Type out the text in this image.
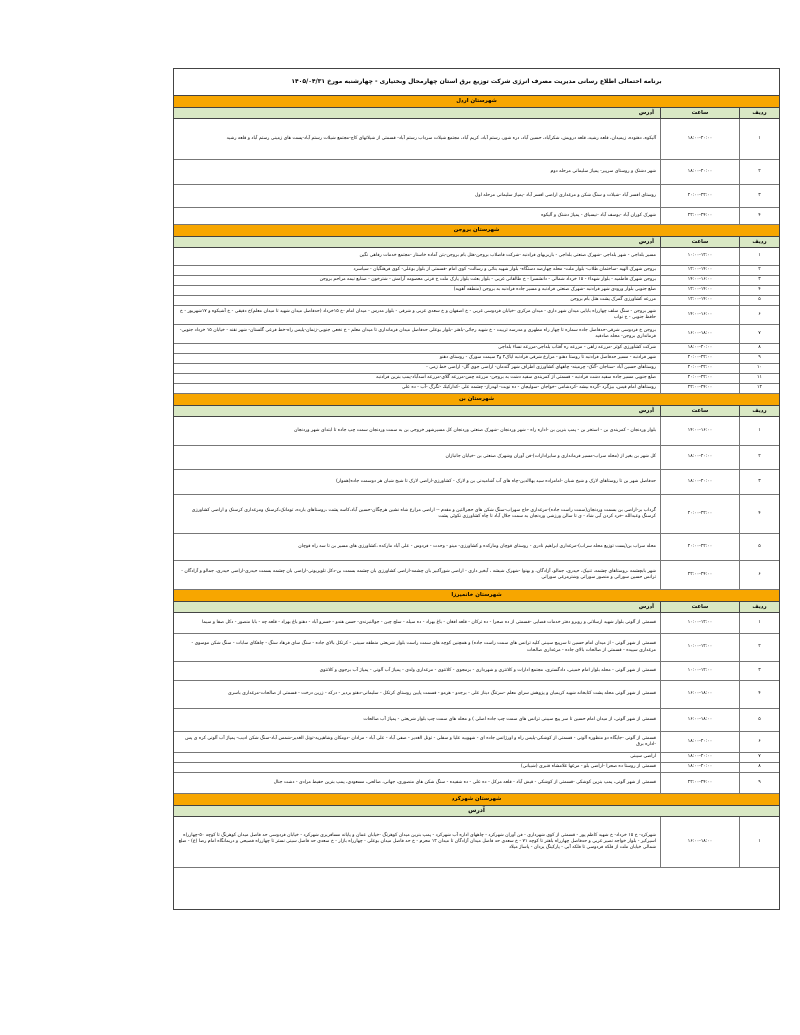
برنامه احتمالی اطلاع رسانی مدیریت مصرف انرژی شرکت توزیع برق استان چهارمحال وبختیاری - چهارشنبه مورخ ۱۴۰۵/۰۴/۳۱
شهرستان اردل
ردیف
ساعت
آدرس
۱
۱۸:۰۰-۲۰:۰۰
آلیکوه، دهنوده، زیمیدان، قلعه رشید، قلعه درویش، شکرآباد، حسین آباد، دره شور، رستم آباد، کریم آباد، مجتمع شیلات سرداب رستم آباد- قسمتی از شیلاتهای کاج-مجتمع شیلات رستم آباد-پست های زمینی رستم آباد و قلعه رشید
۲
۱۸:۰۰-۲۰:۰۰
شهر دشتک و روستای سرپیر- پمپاژ سلیمانی مرحله دوم
۳
۲۰:۰۰-۲۲:۰۰
روستای افسر آباد -شیلات و سنگ شکن و مرغداری اراضی افسر آباد -پمپاژ سلیمانی مرحله اول
۴
۲۲:۰۰-۲۴:۰۰
شهرک کوران آباد -یوسف آباد -نیسیاق - پمپاژ دشتک و آلیکوه
شهرستان بروجن
ردیف
ساعت
آدرس
۱
۱۰:۰۰-۱۲:۰۰
مسیر بلداجی - شهر بلداجی -شهرک صنعتی بلداجی - باربریهای فرادنبه -شرکت فاضلاب بروجن-هتل بام بروجن-بتن آماده خاستار -مجتمع خدمات رفاهی نگین
۲
۱۲:۰۰-۱۴:۰۰
بروجن شهرک الهیه -ساختمان طلاب- بلوار ملت- محله چهارصد دستگاه- بلوار شهید بنائی و رسالت- کوی امام -قسمتی از بلوار بوعلی- کوی فرهنگیان - سیاسرد
۳
۱۴:۰۰-۱۶:۰۰
بروجن شهرک فاطمیه - بلوار شهداء - ۱۵ خرداد شمالی - دانشسرا - خ طالقانی غربی - بلوار بعثت بلوار پارک ملت خ قرنی معصومه آرامش - شترخون - صنایع نیمه مراحم بروجن
۴
۱۲:۰۰-۱۴:۰۰
ضلع جنوبی بلوار ورودی شهر فرادنبه -شهرک صنعتی فرادنبه و مسیر جاده فرادنبه به بروجن (منطقه آهویه)
۵
۱۲:۰۰-۱۴:۰۰
مزرعه کشاورزی گمرک پشت هتل بام بروجن
۶
۱۴:۰۰-۱۶:۰۰
شهر بروجن - سنگ سلف چهارراه بابایی میدان شهر داری - میدان مرکزی -خیابان فردوسی غربی - خ اصفهان و خ سعدی غربی و شرقی - بلوار مدرس - میدان امام -خ ۱۵خرداد (حدفاصل میدان شهید تا میدان معلم)خ دقیقی - خ آشیکوه و ۱۷شهریور - خ حافظ جنوبی - خ نواب
۷
۱۶:۰۰-۱۸:۰۰
بروجن خ فردوسی شرقی-حدفاصل جاده سماره تا چهار راه مطهری و مدرسه تربیت - خ شهید رجائی-باهنر -بلوار بوعلی حدفاصل میدان فرمانداری تا میدان معلم - خ نخعی جنوبی-زنمان-پلیس راه-خط فرعی گلستان- شهر نقنه - خیابان ۱۵ خرداد جنوبی- فرمانداری بروجن- محله صادقیه
۸
۱۸:۰۰-۲۰:۰۰
شرکت کشاورزی کوثر -مزرعه زاهی - مزرعه ره آفتاب بلداجی-مزرعه نساء بلداجی
۹
۲۰:۰۰-۲۲:۰۰
شهر فرادنبه - مسیر حدفاصل فرادنبه تا روستا دهنو - مزارع شرقی فرادنبه ایاک۲ و۳ سیمت سورک - روستای دهنو
۱۰
۲۰:۰۰-۲۲:۰۰
روستاهای حسین آباد -سناجان -گنک- چرمینه- چاههای کشاورزی اطراف شهر گندمان- اراضی جوی گل- اراضی خط زمی -
۱۱
۲۰:۰۰-۲۲:۰۰
ضلع جنوبی مسیر جاده سفید دشت فرادنبه - قسمتی از کمربندی سفید دشت به بروجن- مزرعه چمن-مزرعه گلای-مزرعه اسدآباد-پمپ بنزین فرادنبه
۱۲
۲۲:۰۰-۲۴:۰۰
روستاهای امام قیس، بیژگرد -گرده بیشه -کردشامی -خواجان -سولیجان - ده نوبت- لهدراز- چشمه علی -کداركيك -تگرگ -آب - ده علی
شهرستان بن
ردیف
ساعت
آدرس
۱
۱۴:۰۰-۱۶:۰۰
بلوار وردنجان - کمربندی بن - استخر بن - پمپ بنزین بن -اداره راه - شهر وردنجان -شهرک صنعتی وردنجان کل مسیرشهر خروجی بن به سمت وردنجان سمت چپ جاده تا ابتدای شهر وردنجان
۲
۱۸:۰۰-۲۰:۰۰
کل شهر بن بغیر از (محله سراب-مسیر فرمانداری و سایرادارات)-فن آوران وشهرک صنعتی بن -خیابان جانبازان
۳
۱۸:۰۰-۲۰:۰۰
حدفاصل شهر بن تا روستاهای لارک و شیخ شبان -امامزاده سید بهاالدین-چاه های آب آشامیدنی بن و لارک - کشاورزی-اراضی لارک تا شیخ شبان هر دوسمت جاده(هموار)
۴
۲۰:۰۰-۲۲:۰۰
گرداب بر-اراضی بن بسمت وردنجان(سمت راست جاده)-مرغداری حاج سهراب-سنگ شکن های حجرالثین و مقدم -- اراضی مزارع شاه نشین هرچگان-حسین آباد،کاسه پشت ،روستاهای بارده، تومانک،کرسنک ومرغداری کرسنک و اراضی کشاورزی کرسنگ وعبدالله -خرد کردن آبی شاد - ی تا سالن ورزشی وردنجان به سمت جلال آباد تا چاه کشاورزی نکوئی پشت
۵
۲۰:۰۰-۲۲:۰۰
محله سراب بن(پست توزیع محله سراب)-مرغداری ابراهیم نادری - روستای قوچان ومارکده و کشاورزی- مینو - وحدت - فردوس - علی آباد مارکده ،کشاورزی های مسیر بن تا سه راه قوچان
۶
۲۲:۰۰-۲۴:۰۰
شهر بابچشمه ،روستاهای چشمه، تنبیک، حیدری، جمالو، آزادگان، و بهنوا -شهرک شیشه ، آبخیز داری - اراضی شورآکبیر بان چشمه-اراضی کشاورزی بان چشمه بسمت بن-دکل تلویزیونی-اراضی بان چشمه بسمت حیدری-اراضی حیدری، جمالو و آزادگان - ترانس حسین سوراتی و منصور سوراتی وشترمرغی سوراتی
شهرستان خانمیرزا
ردیف
ساعت
آدرس
۱
۱۰:۰۰-۱۲:۰۰
قسمتی از آلونی بلوار شهید ارسلانی و روبرو دفتر خدمات قضایی -قسمتی از ده صحرا - ده ترکان - قلعه افغان - باغ بهزاد - ده سیله - سلج چین - جوالنبرندی- حسن هندو - خسرو آباد - دهنو باغ بهزاد - قلعه چه - بابا منصور - دکل صفا و سیما
۲
۱۰:۰۰-۱۲:۰۰
قسمتی از شهر آلونی - از میدان امام حسین تا سرپیچ سیبنی کلیه ترانس های سمت راست جاده) و همچنین کوچه های سمت راست بلوار شریعتی منطقه سیبنی - کرتکل بالای جاده - سنگ سای فرهاد سنگ - چاهکای سابات - سنگ شکن موسوی - مرغداری سپیده - قسمتی از صالحات بالای جاده - مرغداری صالحات
۳
۱۰:۰۰-۱۲:۰۰
قسمتی از شهر آلونی - محله بلوار امام خمینی، دادگستری، مجتمع ادارات و کلانتری و شهرداری - بزمجوی - کلانتوی - مرغداری ولدی - پمپاژ آب آلونی - پمپاژ آب برجوی و کلانتوی
۴
۱۶:۰۰-۱۸:۰۰
قسمتی از شهر آلونی محله پشت کتابخانه شهید کریمیان و پژوهش سرای معلم -سرتنگ دیناز علی - برجدو - هرمو - قسمت پایین روستای کرتکل - سلیمانی-دهنو بردیر - درکه - زرین درخت - قسمتی از صالحات-مرغداری باسری
۵
۱۶:۰۰-۱۸:۰۰
قسمتی از شهر آلونی، از میدان امام حسین تا سر پیچ سیبنی ترانس های سمت چپ جاده اصلی ) و محله های سمت چپ بلوار شریعتی - پمپاژ آب صالحات
۶
۱۸:۰۰-۲۰:۰۰
قسمتی از آلونی -جایگاه دو منظوره آلونی - قسمتی از کوشکی-پلیس راه و اورژانس جاده ای - شهوبیه علیا و سفلی - تونل الغدیر - صفی آباد - علی آباد - مرادان -دومکان وشاهپریه-تونل الغدیر-شمس آباد-سنگ شکن ادیب- پمپاژ آب آلونی کره ی پس -اداره برق
۷
۱۸:۰۰-۲۰:۰۰
اراضی سیبنی
۸
۱۸:۰۰-۲۰:۰۰
قسمتی از روستا ده صحرا -اراضی بلو - مرغها غلامشاه قنبری (شیبانی)
۹
۲۲:۰۰-۲۴:۰۰
قسمتی از شهر آلونی، پمپ بنزین کوشکی -قسمتی از کوشکی - قیش آباد - قلعه مزکل - ده علی - ده شفیده - سنگ شکن های منصوری، جهانی، صالحی، مسعودی، پمپ بنزین حفیط مرادی - دشت جنال
شهرستان شهرکرد
آدرس
۱
۱۶:۰۰-۱۸:۰۰
شهرکرد- خ ۱۵ خرداد- خ شهید کاظم پور - قسمتی از کوی شهرداری - فن آوران شهرکرد - چاههای اداره آب شهرکرد - پمپ بنزین میدان کوهرنگ -خیابان عمان و پایانه مسافربری شهرکرد - خیابان فردوسی حد فاصل میدان کوهرنگ تا کوچه ۵۰-چهارراه اسپرکیر - بلوار خواجه نصیر غربی و حدفاصل چهارراه باهنر تا کوچه ۷۱ - خ سعدی حد فاصل میدان آزادگان تا میدان ۱۲ محرم - خ حد فاصل میدان بوعلی - چهارراه بازار - خ سعدی حد فاصل سینی نستر تا چهارراه فصیحی و دربمانگاه امام رضا (ع) - ضلع شمالی خیابان ملت از فلکه فردوسی تا فلکه آبی - پارکینگ یزدان - پاساژ میلاد
